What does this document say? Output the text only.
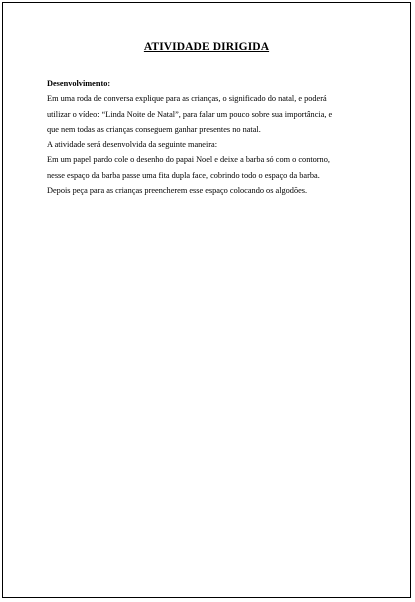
ATIVIDADE DIRIGIDA
Desenvolvimento:
Em uma roda de conversa explique para as crianças, o significado do natal, e poderá
utilizar o vídeo: “Linda Noite de Natal”, para falar um pouco sobre sua importância, e
que nem todas as crianças conseguem ganhar presentes no natal.
A atividade será desenvolvida da seguinte maneira:
Em um papel pardo cole o desenho do papai Noel e deixe a barba só com o contorno,
nesse espaço da barba passe uma fita dupla face, cobrindo todo o espaço da barba.
Depois peça para as crianças preencherem esse espaço colocando os algodões.
